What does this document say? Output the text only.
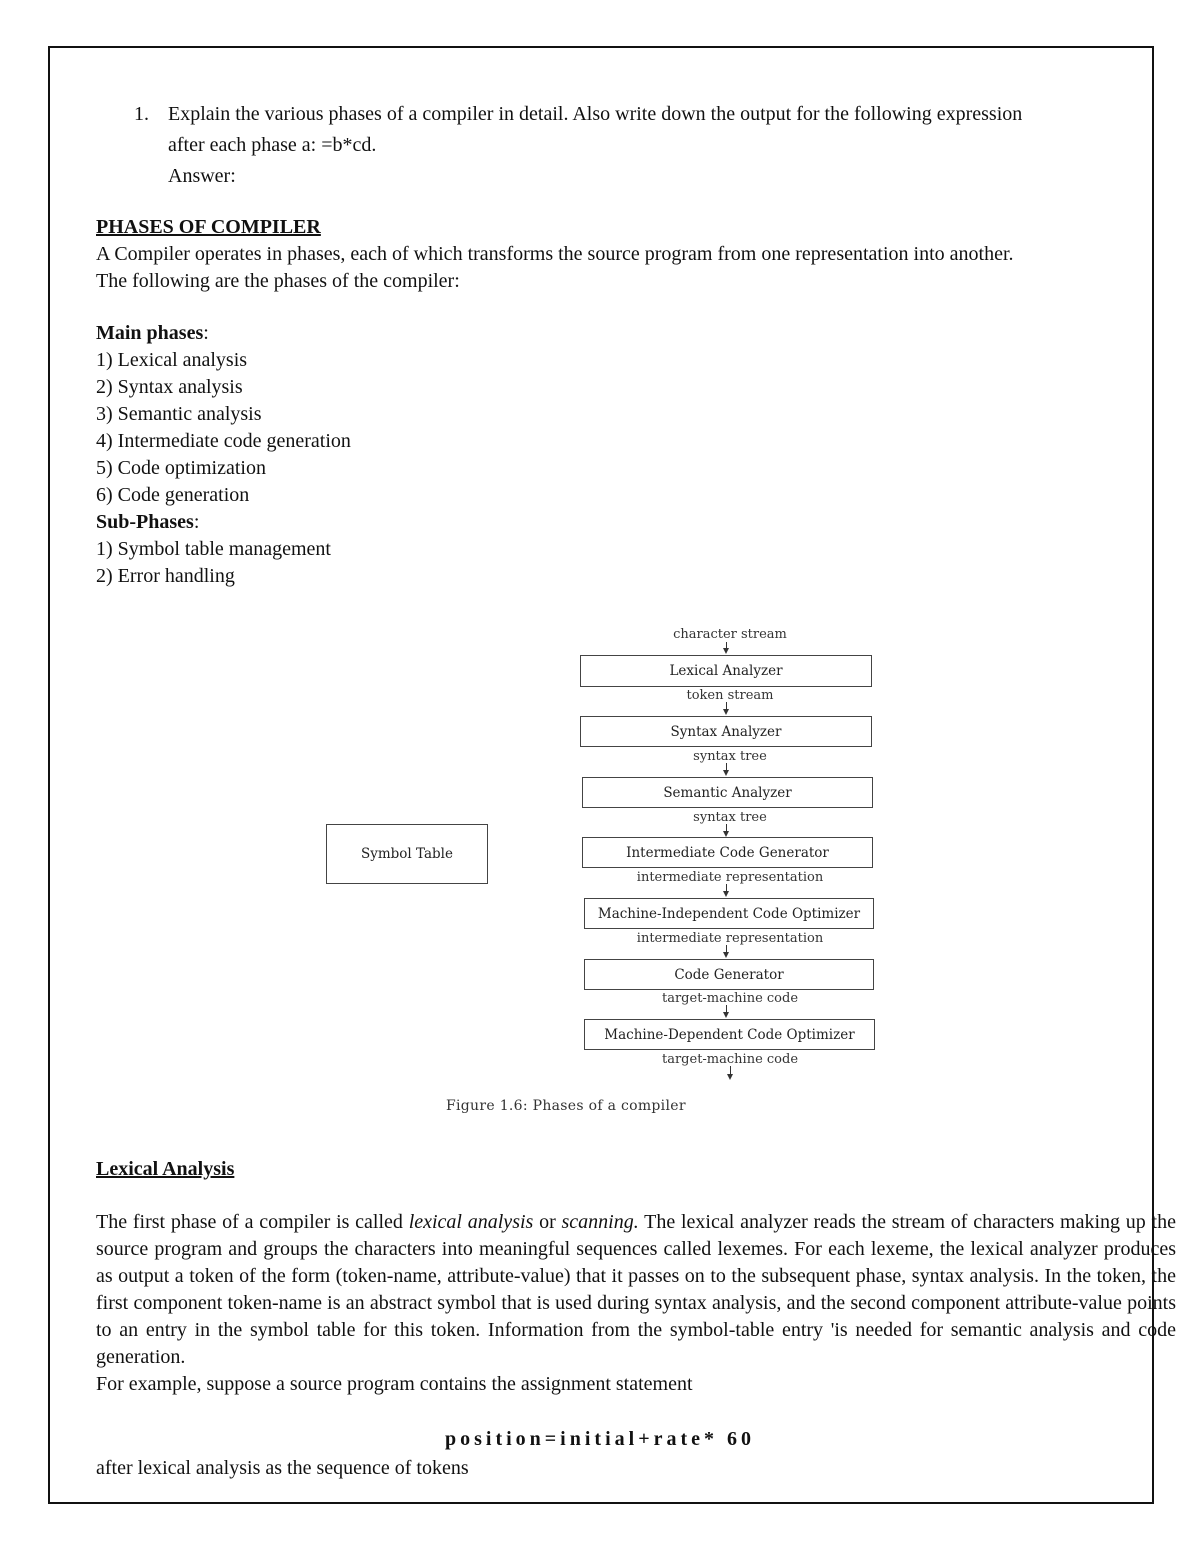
1. Explain the various phases of a compiler in detail. Also write down the output for the following expression
after each phase a: =b*cd.
Answer:
PHASES OF COMPILER
A Compiler operates in phases, each of which transforms the source program from one representation into another.
The following are the phases of the compiler:
Main phases:
1) Lexical analysis
2) Syntax analysis
3) Semantic analysis
4) Intermediate code generation
5) Code optimization
6) Code generation
Sub-Phases:
1) Symbol table management
2) Error handling
character stream
Lexical Analyzer
token stream
Syntax Analyzer
syntax tree
Semantic Analyzer
syntax tree
Intermediate Code Generator
Symbol Table
intermediate representation
Machine-Independent Code Optimizer
intermediate representation
Code Generator
target-machine code
Machine-Dependent Code Optimizer
target-machine code
Figure 1.6: Phases of a compiler
Lexical Analysis
The first phase of a compiler is called lexical analysis or scanning. The lexical analyzer reads the stream of characters making up the source program and groups the characters into meaningful sequences called lexemes. For each lexeme, the lexical analyzer produces as output a token of the form (token-name, attribute-value) that it passes on to the subsequent phase, syntax analysis. In the token, the first component token-name is an abstract symbol that is used during syntax analysis, and the second component attribute-value points to an entry in the symbol table for this token. Information from the symbol-table entry 'is needed for semantic analysis and code generation.
For example, suppose a source program contains the assignment statement
position=initial+rate* 60
after lexical analysis as the sequence of tokens
